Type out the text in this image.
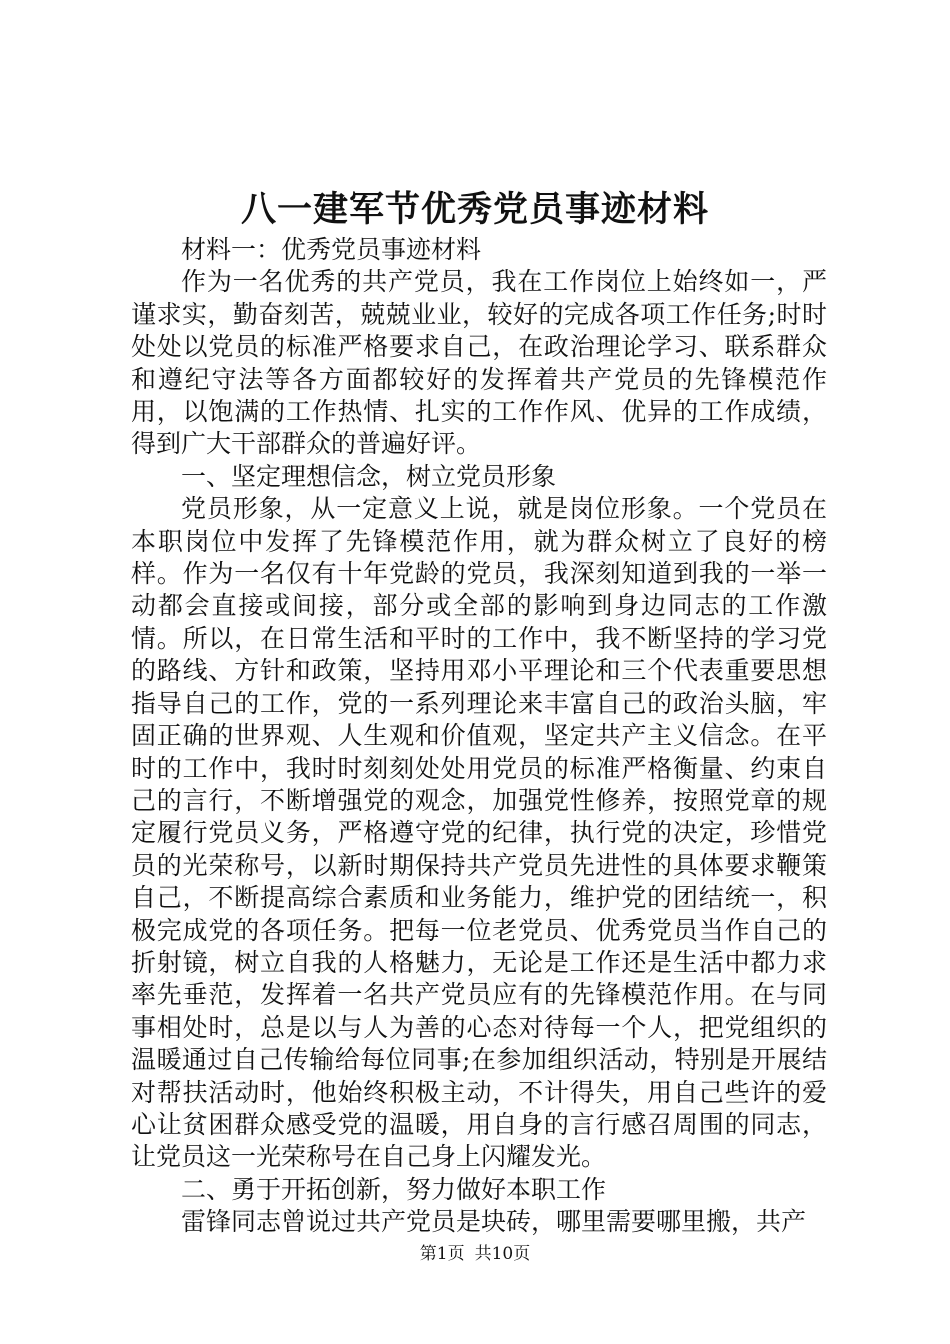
八一建军节优秀党员事迹材料

材料一：优秀党员事迹材料

作为一名优秀的共产党员，我在工作岗位上始终如一，严谨求实，勤奋刻苦，兢兢业业，较好的完成各项工作任务;时时处处以党员的标准严格要求自己，在政治理论学习、联系群众和遵纪守法等各方面都较好的发挥着共产党员的先锋模范作用，以饱满的工作热情、扎实的工作作风、优异的工作成绩，得到广大干部群众的普遍好评。

一、坚定理想信念，树立党员形象

党员形象，从一定意义上说，就是岗位形象。一个党员在本职岗位中发挥了先锋模范作用，就为群众树立了良好的榜样。作为一名仅有十年党龄的党员，我深刻知道到我的一举一动都会直接或间接，部分或全部的影响到身边同志的工作激情。所以，在日常生活和平时的工作中，我不断坚持的学习党的路线、方针和政策，坚持用邓小平理论和三个代表重要思想指导自己的工作，党的一系列理论来丰富自己的政治头脑，牢固正确的世界观、人生观和价值观，坚定共产主义信念。在平时的工作中，我时时刻刻处处用党员的标准严格衡量、约束自己的言行，不断增强党的观念，加强党性修养，按照党章的规定履行党员义务，严格遵守党的纪律，执行党的决定，珍惜党员的光荣称号，以新时期保持共产党员先进性的具体要求鞭策自己，不断提高综合素质和业务能力，维护党的团结统一，积极完成党的各项任务。把每一位老党员、优秀党员当作自己的折射镜，树立自我的人格魅力，无论是工作还是生活中都力求率先垂范，发挥着一名共产党员应有的先锋模范作用。在与同事相处时，总是以与人为善的心态对待每一个人，把党组织的温暖通过自己传输给每位同事;在参加组织活动，特别是开展结对帮扶活动时，他始终积极主动，不计得失，用自己些许的爱心让贫困群众感受党的温暖，用自身的言行感召周围的同志，让党员这一光荣称号在自己身上闪耀发光。

二、勇于开拓创新，努力做好本职工作

雷锋同志曾说过共产党员是块砖，哪里需要哪里搬，共产

第1页 共10页
